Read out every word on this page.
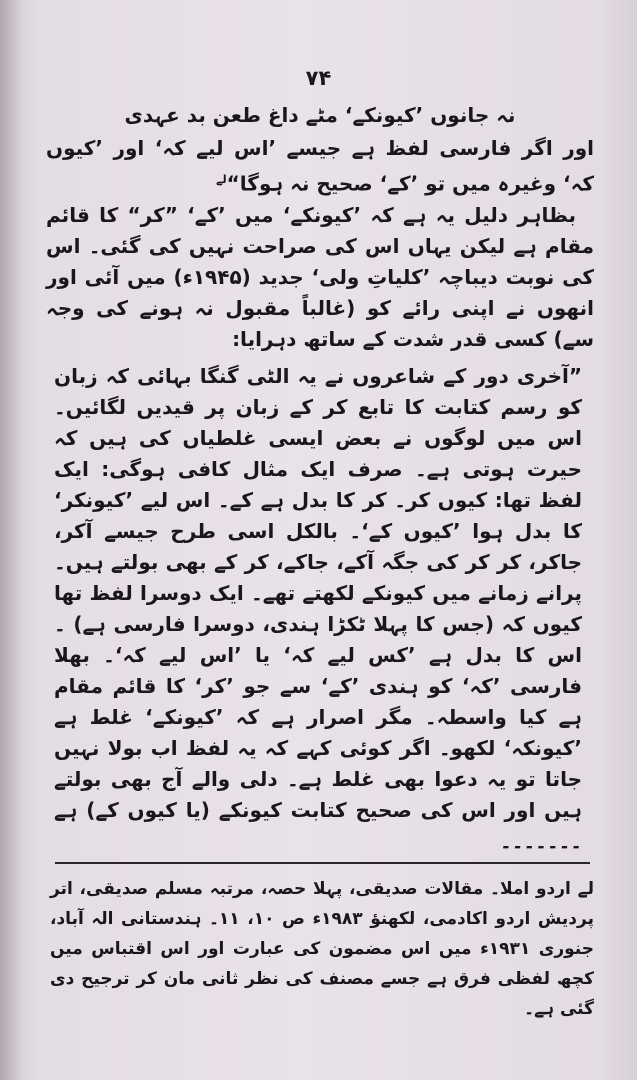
۷۴

نہ جانوں ’کیونکے‘ مٹے داغ طعن بد عہدی

اور اگر فارسی لفظ ہے جیسے ’اس لیے کہ‘ اور ’کیوں کہ‘ وغیرہ میں تو ’کے‘ صحیح نہ ہوگا“$^{لے}$

بظاہر دلیل یہ ہے کہ ’کیونکے‘ میں ’کے‘ ”کر“ کا قائم مقام ہے لیکن یہاں اس کی صراحت نہیں کی گئی۔ اس کی نوبت دیباچہ ’کلیاتِ ولی‘ جدید (۱۹۴۵ء) میں آئی اور انھوں نے اپنی رائے کو (غالباً مقبول نہ ہونے کی وجہ سے) کسی قدر شدت کے ساتھ دہرایا:

”آخری دور کے شاعروں نے یہ الٹی گنگا بہائی کہ زبان کو رسم کتابت کا تابع کر کے زبان پر قیدیں لگائیں۔ اس میں لوگوں نے بعض ایسی غلطیاں کی ہیں کہ حیرت ہوتی ہے۔ صرف ایک مثال کافی ہوگی: ایک لفظ تھا: کیوں کر۔ کر کا بدل ہے کے۔ اس لیے ’کیونکر‘ کا بدل ہوا ’کیوں کے‘۔ بالکل اسی طرح جیسے آکر، جاکر، کر کر کی جگہ آکے، جاکے، کر کے بھی بولتے ہیں۔ پرانے زمانے میں کیونکے لکھتے تھے۔ ایک دوسرا لفظ تھا کیوں کہ (جس کا پہلا ٹکڑا ہندی، دوسرا فارسی ہے) ۔ اس کا بدل ہے ’کس لیے کہ‘ یا ’اس لیے کہ‘۔ بھلا فارسی ’کہ‘ کو ہندی ’کے‘ سے جو ’کر‘ کا قائم مقام ہے کیا واسطہ۔ مگر اصرار ہے کہ ’کیونکے‘ غلط ہے ’کیونکہ‘ لکھو۔ اگر کوئی کہے کہ یہ لفظ اب بولا نہیں جاتا تو یہ دعوا بھی غلط ہے۔ دلی والے آج بھی بولتے ہیں اور اس کی صحیح کتابت کیونکے (یا کیوں کے) ہے ۔۔۔۔۔۔۔

لے اردو املا۔ مقالات صدیقی، پہلا حصہ، مرتبہ مسلم صدیقی، اتر پردیش اردو اکادمی، لکھنؤ ۱۹۸۳ء ص ۱۰، ۱۱۔ ہندستانی الہ آباد، جنوری ۱۹۳۱ء میں اس مضمون کی عبارت اور اس اقتباس میں کچھ لفظی فرق ہے جسے مصنف کی نظر ثانی مان کر ترجیح دی گئی ہے۔
